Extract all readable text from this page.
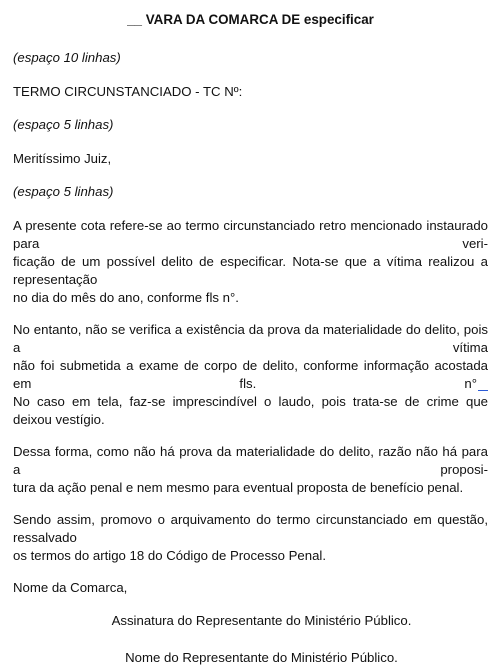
__ VARA DA COMARCA DE especificar
(espaço 10 linhas)
TERMO CIRCUNSTANCIADO - TC Nº:
(espaço 5 linhas)
Meritíssimo Juiz,
(espaço 5 linhas)
A presente cota refere-se ao termo circunstanciado retro mencionado instaurado para veri-
ficação de um possível delito de especificar. Nota-se que a vítima realizou a representação
no dia do mês do ano, conforme fls n°.
No entanto, não se verifica a existência da prova da materialidade do delito, pois a vítima
não foi submetida a exame de corpo de delito, conforme informação acostada em fls. n°
No caso em tela, faz-se imprescindível o laudo, pois trata-se de crime que deixou vestígio.
Dessa forma, como não há prova da materialidade do delito, razão não há para a proposi-
tura da ação penal e nem mesmo para eventual proposta de benefício penal.
Sendo assim, promovo o arquivamento do termo circunstanciado em questão, ressalvado
os termos do artigo 18 do Código de Processo Penal.
Nome da Comarca,
Assinatura do Representante do Ministério Público.
Nome do Representante do Ministério Público.
